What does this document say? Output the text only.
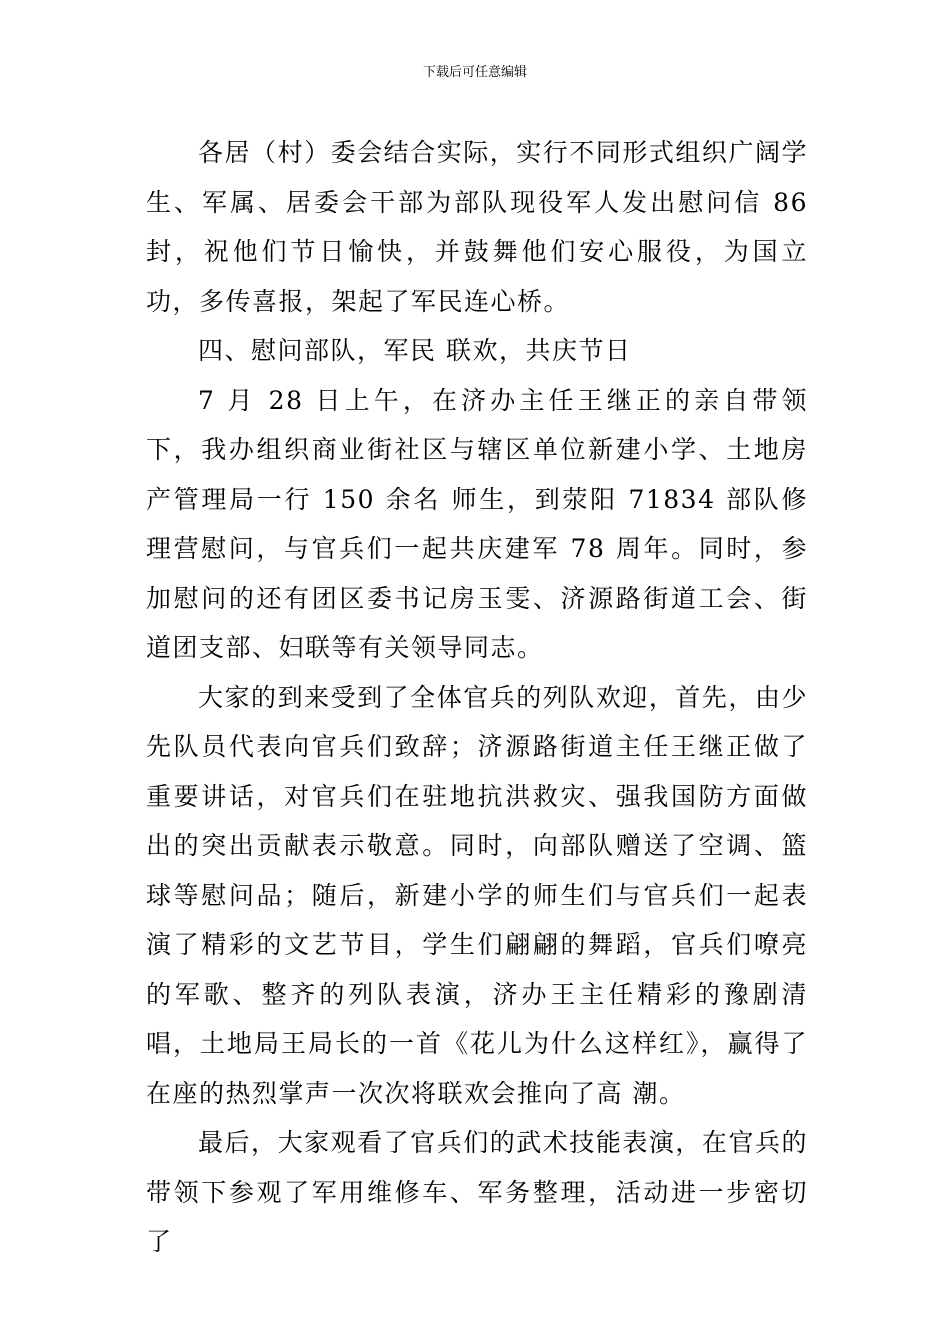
下载后可任意编辑

各居（村）委会结合实际，实行不同形式组织广阔学生、军属、居委会干部为部队现役军人发出慰问信 86 封，祝他们节日愉快，并鼓舞他们安心服役，为国立功，多传喜报，架起了军民连心桥。

四、慰问部队，军民 联欢，共庆节日

7 月 28 日上午，在济办主任王继正的亲自带领下，我办组织商业街社区与辖区单位新建小学、土地房产管理局一行 150 余名 师生，到荥阳 71834 部队修理营慰问，与官兵们一起共庆建军 78 周年。同时，参加慰问的还有团区委书记房玉雯、济源路街道工会、街道团支部、妇联等有关领导同志。

大家的到来受到了全体官兵的列队欢迎，首先，由少先队员代表向官兵们致辞；济源路街道主任王继正做了重要讲话，对官兵们在驻地抗洪救灾、强我国防方面做出的突出贡献表示敬意。同时，向部队赠送了空调、篮球等慰问品；随后，新建小学的师生们与官兵们一起表演了精彩的文艺节目，学生们翩翩的舞蹈，官兵们嘹亮的军歌、整齐的列队表演，济办王主任精彩的豫剧清唱，土地局王局长的一首《花儿为什么这样红》，赢得了在座的热烈掌声一次次将联欢会推向了高 潮。

最后，大家观看了官兵们的武术技能表演，在官兵的带领下参观了军用维修车、军务整理，活动进一步密切了
